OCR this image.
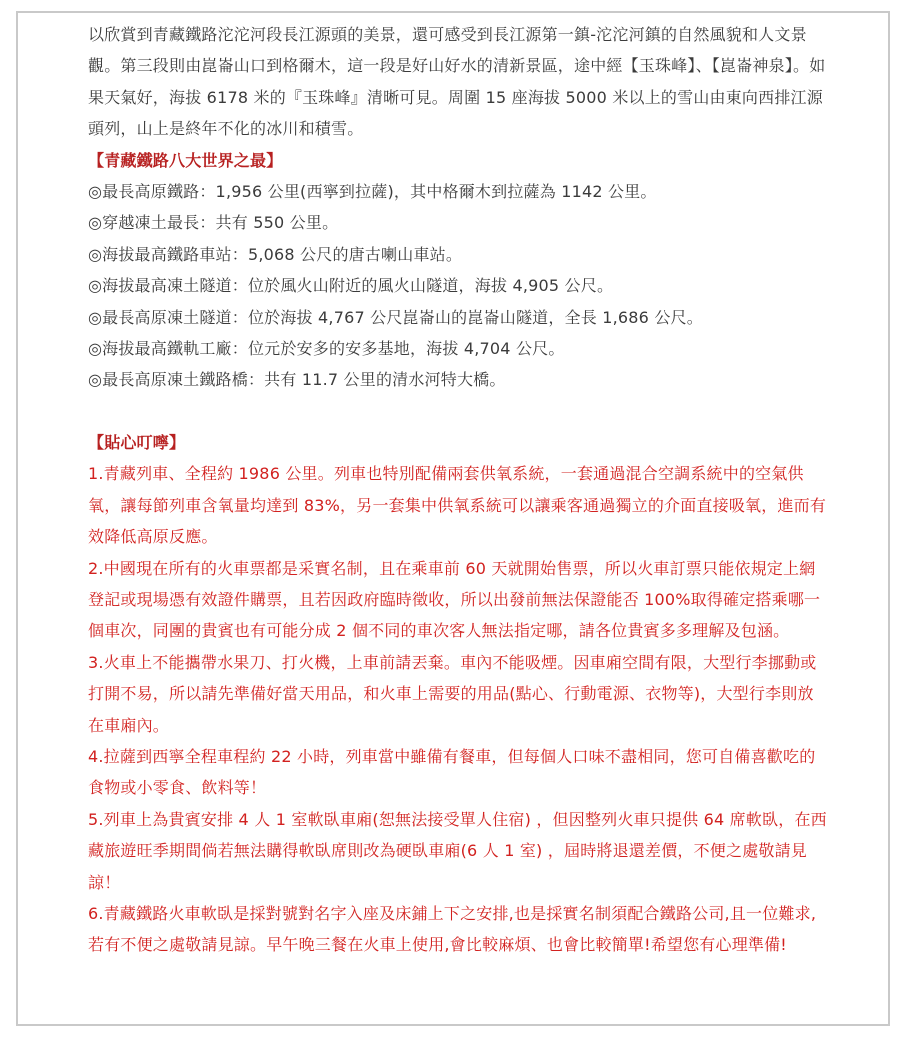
以欣賞到青藏鐵路沱沱河段長江源頭的美景，還可感受到長江源第一鎮-沱沱河鎮的自然風貌和人文景觀。第三段則由崑崙山口到格爾木，這一段是好山好水的清新景區，途中經【玉珠峰】、【崑崙神泉】。如果天氣好，海拔 6178 米的『玉珠峰』清晰可見。周圍 15 座海拔 5000 米以上的雪山由東向西排江源頭列，山上是終年不化的冰川和積雪。

【青藏鐵路八大世界之最】

◎最長高原鐵路：1,956 公里(西寧到拉薩)，其中格爾木到拉薩為 1142 公里。

◎穿越凍土最長：共有 550 公里。

◎海拔最高鐵路車站：5,068 公尺的唐古喇山車站。

◎海拔最高凍土隧道：位於風火山附近的風火山隧道，海拔 4,905 公尺。

◎最長高原凍土隧道：位於海拔 4,767 公尺崑崙山的崑崙山隧道，全長 1,686 公尺。

◎海拔最高鐵軌工廠：位元於安多的安多基地，海拔 4,704 公尺。

◎最長高原凍土鐵路橋：共有 11.7 公里的清水河特大橋。

【貼心叮嚀】

1.青藏列車、全程約 1986 公里。列車也特別配備兩套供氧系統，一套通過混合空調系統中的空氣供氧，讓每節列車含氧量均達到 83%，另一套集中供氧系統可以讓乘客通過獨立的介面直接吸氧，進而有效降低高原反應。

2.中國現在所有的火車票都是采實名制，且在乘車前 60 天就開始售票，所以火車訂票只能依規定上網登記或現場憑有效證件購票，且若因政府臨時徵收，所以出發前無法保證能否 100%取得確定搭乘哪一個車次，同團的貴賓也有可能分成 2 個不同的車次客人無法指定哪，請各位貴賓多多理解及包涵。

3.火車上不能攜帶水果刀、打火機，上車前請丟棄。車內不能吸煙。因車廂空間有限，大型行李挪動或打開不易，所以請先準備好當天用品，和火車上需要的用品(點心、行動電源、衣物等)，大型行李則放在車廂內。

4.拉薩到西寧全程車程約 22 小時，列車當中雖備有餐車，但每個人口味不盡相同，您可自備喜歡吃的食物或小零食、飲料等！

5.列車上為貴賓安排 4 人 1 室軟臥車廂(恕無法接受單人住宿) ，但因整列火車只提供 64 席軟臥，在西藏旅遊旺季期間倘若無法購得軟臥席則改為硬臥車廂(6 人 1 室) ，屆時將退還差價，不便之處敬請見諒！

6.青藏鐵路火車軟臥是採對號對名字入座及床鋪上下之安排,也是採實名制須配合鐵路公司,且一位難求,若有不便之處敬請見諒。早午晚三餐在火車上使用,會比較麻煩、也會比較簡單!希望您有心理準備!
